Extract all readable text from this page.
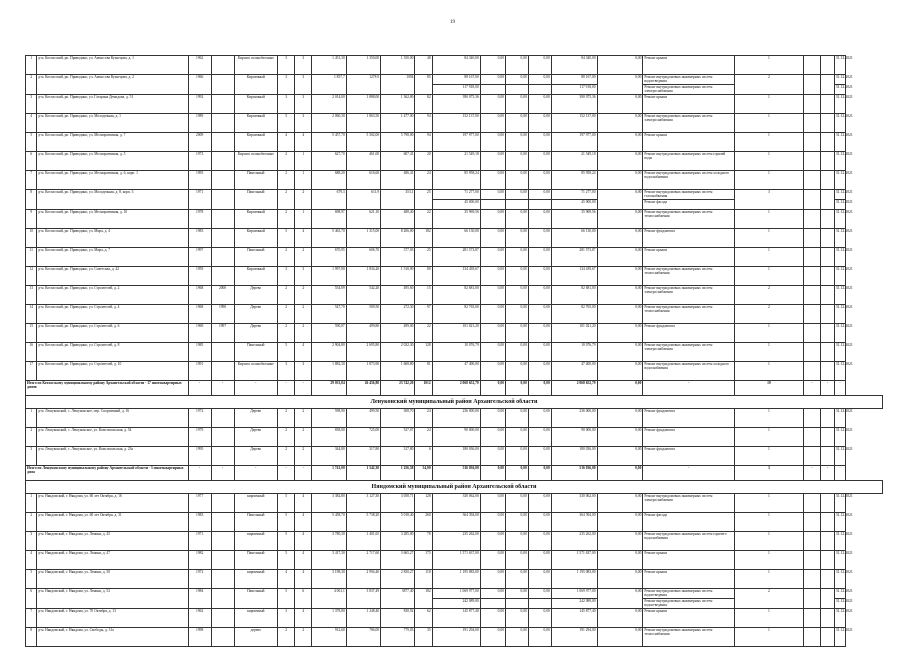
19
1	р-н. Котласский, рп. Приводино, ул. Аммосова Кузнецова, д. 1	1962		Кирпич. шлакоблочные	3	3	1 451,30	1 350,00	1 350,00	48	84 340,00	0,00	0,00	0,00	84 340,00	0,00	Ремонт крыши	1			31.12.2021
2	р-н. Котласский, рп. Приводино, ул. Аммосова Кузнецова, д. 2	1966		Кирпичный	3	3	1 857,7	1278 0	1094	85	88 167,00	0,00	0,00	0,00	88 167,00	0,00	Ремонт внутридомовых инженерных систем водоотведения	2			31.12.2021
											117 918,00				117 918,00		Ремонт внутридомовых инженерных систем электроснабжения				31.12.2021
3	р-н. Котласский, рп. Приводино, ул. Гагарина Демидова, д. 51	1992		Кирпичный	3	3	2 014,00	1 888,00	1 362,00	82	390 075,36	0,00	0,00	0,00	390 075,36	0,00	Ремонт крыши	1			31.12.2021
4	р-н. Котласский, рп. Приводино, ул. Молодежная, д. 1	1989		Кирпичный	5	3	2 060,30	1 863,50	1 477,00	94	152 137,00	0,00	0,00	0,00	152 137,00	0,00	Ремонт внутридомовых инженерных систем электроснабжения	1			31.12.2021
5	р-н. Котласский, рп. Приводино, ул. Мелиоративная, д. 7	2009		Кирпичный	4	4	5 457,70	5 302,00	5 798,00	94	197 977,00	0,00	0,00	0,00	197 977,00	0,00	Ремонт крыши	1			31.12.2021
6	р-н. Котласский, рп. Приводино, ул. Мелиоративная, д. 5	1973		Кирпич. шлакоблочные	2	1	627,70	461,00	607,41	20	21 549,18	0,00	0,00	0,00	21 549,18	0,00	Ремонт внутридомовых инженерных систем горячей воды	1			31.12.2021
7	р-н. Котласский, рп. Приводино, ул. Мелиоративная, д. 6, корп. 1	1995		Панельный	2	1	688,20	616,60	486,41	24	85 958,24	0,00	0,00	0,00	85 958,24	0,00	Ремонт внутридомовых инженерных систем холодного водоснабжения	1			31.12.2021
8	р-н. Котласский, рп. Приводино, ул. Молодежная, д. 8, корп. 3	1971		Панельный	2	2	679,3	611,9	353,1	25	71 277,00	0,00	0,00	0,00	71 277,00	0,00	Ремонт внутридомовых инженерных систем газоснабжения	3			31.12.2021
											45 000,00				45 000,00		Ремонт фасада				31.12.2021
9	р-н. Котласский, рп. Приводино, ул. Мелиоративная, д. 10	1978		Кирпичный	2	1	698,97	621,10	488,40	22	35 969,56	0,00	0,00	0,00	35 969,56	0,00	Ремонт внутридомовых инженерных систем теплоснабжения	1			31.12.2021
10	р-н. Котласский, рп. Приводино, ул. Мира, д. 4	1983		Кирпичный	5	4	5 463,70	1 315,00	8 206,00	182	66 130,00	0,00	0,00	0,00	66 130,00	0,00	Ремонт фундамента	1			31.12.2021
11	р-н. Котласский, рп. Приводино, ул. Мира, д. 7	1997		Панельный	2	2	670,95	606,70	377,03	25	281 573,87	0,00	0,00	0,00	281 573,87	0,00	Ремонт крыши	1			31.12.2021
12	р-н. Котласский, рп. Приводино, ул. Советская, д. 42	1959		Кирпичный	3	3	1 997,80	1 834,20	1 510,90	80	134 439,67	0,00	0,00	0,00	134 439,67	0,00	Ремонт внутридомовых инженерных систем теплоснабжения	1			31.12.2021
13	р-н. Котласский, рп. Приводино, ул. Строителей, д. 2	1968	2000	Дерево	2	2	554,09	542,20	495,60	15	82 681,00	0,00	0,00	0,00	82 681,00	0,00	Ремонт внутридомовых инженерных систем электроснабжения	2			31.12.2021
14	р-н. Котласский, рп. Приводино, ул. Строителей, д. 4	1968	1990	Дерево	2	2	547,70	509,50	272,30	97	82 765,00	0,00	0,00	0,00	82 765,00	0,00	Ремонт внутридомовых инженерных систем теплоснабжения	2			31.12.2021
15	р-н. Котласский, рп. Приводино, ул. Строителей, д. 6	1969	1997	Дерево	2	2	590,07	499,80	499,00	22	101 021,20	0,00	0,00	0,00	101 021,20	0,00	Ремонт фундамента	1			31.12.2021
16	р-н. Котласский, рп. Приводино, ул. Строителей, д. 8	1985		Панельный	5	4	2 904,80	2 695,80	2 032,30	128	10 076,79	0,00	0,00	0,00	10 076,79	0,00	Ремонт внутридомовых инженерных систем электроснабжения	1			31.12.2021
17	р-н. Котласский, рп. Приводино, ул. Строителей, д. 10	1991		Кирпич. шлакоблочные	3	3	1 882,30	1 873,90	1 608,80	81	47 400,00	0,00	0,00	0,00	47 400,00	0,00	Ремонт внутридомовых инженерных систем холодного водоснабжения	1			31.12.2021
Итого по Котласскому муниципальному району Архангельской области - 17 многоквартирных домов		-	-	-	-	-	29 033,84	26 456,80	23 742,20	1012	2 068 652,79	0,00	0,00	0,00	2 068 652,79	0,00	-	19	-	-	-
Ленуконский муниципальный район Архангельской области																					
1	р-н. Лешуконский, с. Лешуконское, пер. Спортивный, д. 16	1972		Дерево	2	2	598,90	499,50	308,70	24	236 000,00	0,00	0,00	0,00	236 000,00	0,00	Ремонт фундамента	1			31.12.2021
2	р-н. Лешуконский, с. Лешуконское, ул. Комсомольская, д. 54	1979		Дерево	2	2	838,00	725,00	527,07	24	90 000,00	0,00	0,00	0,00	90 000,00	0,00	Ремонт фундамента	1			31.12.2021
3	р-н. Лешуконский, с. Лешуконское, ул. Комсомольская, д. 23а	1995		Дерево	2	2	344,80	317,80	317,80	6	180 036,00	0,00	0,00	0,00	180 036,00	0,00	Ремонт фундамента	1			31.12.2021
Итого по Лешуконскому муниципальному району Архангельской области - 3 многоквартирных дома		-	-	-	-	-	1 741,00	1 542,30	1 256,58	54,00	516 036,00	0,00	0,00	0,00	516 036,00	0,00	-	3	-	-	-
Няндомский муниципальный район Архангельской области																					
1	р-н. Няндомский, г. Няндома, ул. 60 лет Октября, д. 16	1977		кирпичный	5	4	3 382,80	3 127,30	3 058,71	128	330 062,00	0,00	0,00	0,00	330 062,00	0,00	Ремонт внутридомовых инженерных систем электроснабжения	1			31.12.2021
2	р-н. Няндомский, г. Няндома, ул. 60 лет Октября, д. 31	1983		Панельный	5	4	5 458,70	5 738,20	5 018,40	260	364 394,00	0,00	0,00	0,00	364 394,00	0,00	Ремонт фасада	1			31.12.2021
3	р-н. Няндомский, г. Няндома, ул. Ленина, д. 45	1971		кирпичный	5	4	3 780,30	1 401,65	3 285,00	78	235 262,00	0,00	0,00	0,00	235 262,00	0,00	Ремонт внутридомовых инженерных систем горячего водоснабжения	1			31.12.2021
4	р-н. Няндомский, г. Няндома, ул. Ленина, д. 47	1982		Панельный	5	4	3 417,30	2 717,60	3 665,27	175	1 571 637,00	0,00	0,00	0,00	1 571 637,00	0,00	Ремонт крыши	1			31.12.2021
5	р-н. Няндомский, г. Няндома, ул. Ленина, д. 50	1972		кирпичный	4	4	3 198,30	2 994,40	2 850,27	118	1 195 083,00	0,00	0,00	0,00	1 195 083,00	0,00	Ремонт крыши	1			31.12.2021
6	р-н. Няндомский, г. Няндома, ул. Ленина, д. 52	1984		Панельный	5	6	4 061,1	3 837,49	3877,40	182	1 069 977,00	0,00	0,00	0,00	1 069 977,00	0,00	Ремонт внутридомовых инженерных систем водоотведения	2			31.12.2021
											242 089,00				242 089,00		Ремонт внутридомовых инженерных систем водоотведения				31.12.2021
7	р-н. Няндомский, г. Няндома, ул. 70 Октября, д. 13	1962		кирпичный	3	4	1 378,80	1 248,40	830,92	62	145 877,40	0,00	0,00	0,00	145 877,40	0,00	Ремонт крыши	1			31.12.2021
8	р-н. Няндомский, г. Няндома, ул. Свободы, д. 31а	1998		дерево	2	2	912,60	786,00	779,03	35	191 294,00	0,00	0,00	0,00	191 294,00	0,00	Ремонт внутридомовых инженерных систем теплоснабжения	1			31.12.2021
